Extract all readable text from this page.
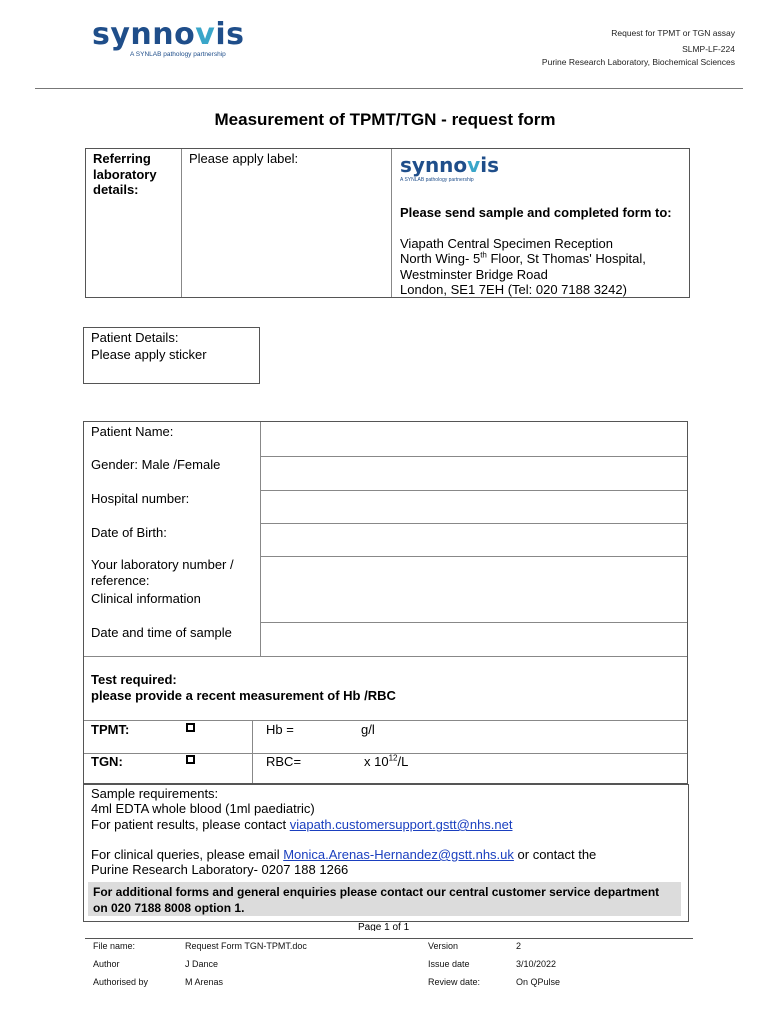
synnovis
A SYNLAB pathology partnership
Request for TPMT or TGN assay
SLMP-LF-224
Purine Research Laboratory, Biochemical Sciences
Measurement of TPMT/TGN - request form
Referring laboratory details:
Please apply label:	synnovis
A SYNLAB pathology partnership
Please send sample and completed form to:
Viapath Central Specimen Reception
North Wing- 5th Floor, St Thomas' Hospital,
Westminster Bridge Road
London, SE1 7EH (Tel: 020 7188 3242)
Patient Details:
Please apply sticker
Patient Name:
Gender: Male /Female
Hospital number:
Date of Birth:
Your laboratory number / reference:
Clinical information
Date and time of sample
Test required:
please provide a recent measurement of Hb /RBC
TPMT:	Hb =	g/l
TGN:	RBC=	x $10^{12}/L$
Sample requirements:
4ml EDTA whole blood (1ml paediatric)
For patient results, please contact viapath.customersupport.gstt@nhs.net
For clinical queries, please email Monica.Arenas-Hernandez@gstt.nhs.uk or contact the
Purine Research Laboratory- 0207 188 1266
For additional forms and general enquiries please contact our central customer service department on 020 7188 8008 option 1.
Page 1 of 1
File name:	Request Form TGN-TPMT.doc	Version	2
Author	J Dance	Issue date	3/10/2022
Authorised by	M Arenas	Review date:	On QPulse
